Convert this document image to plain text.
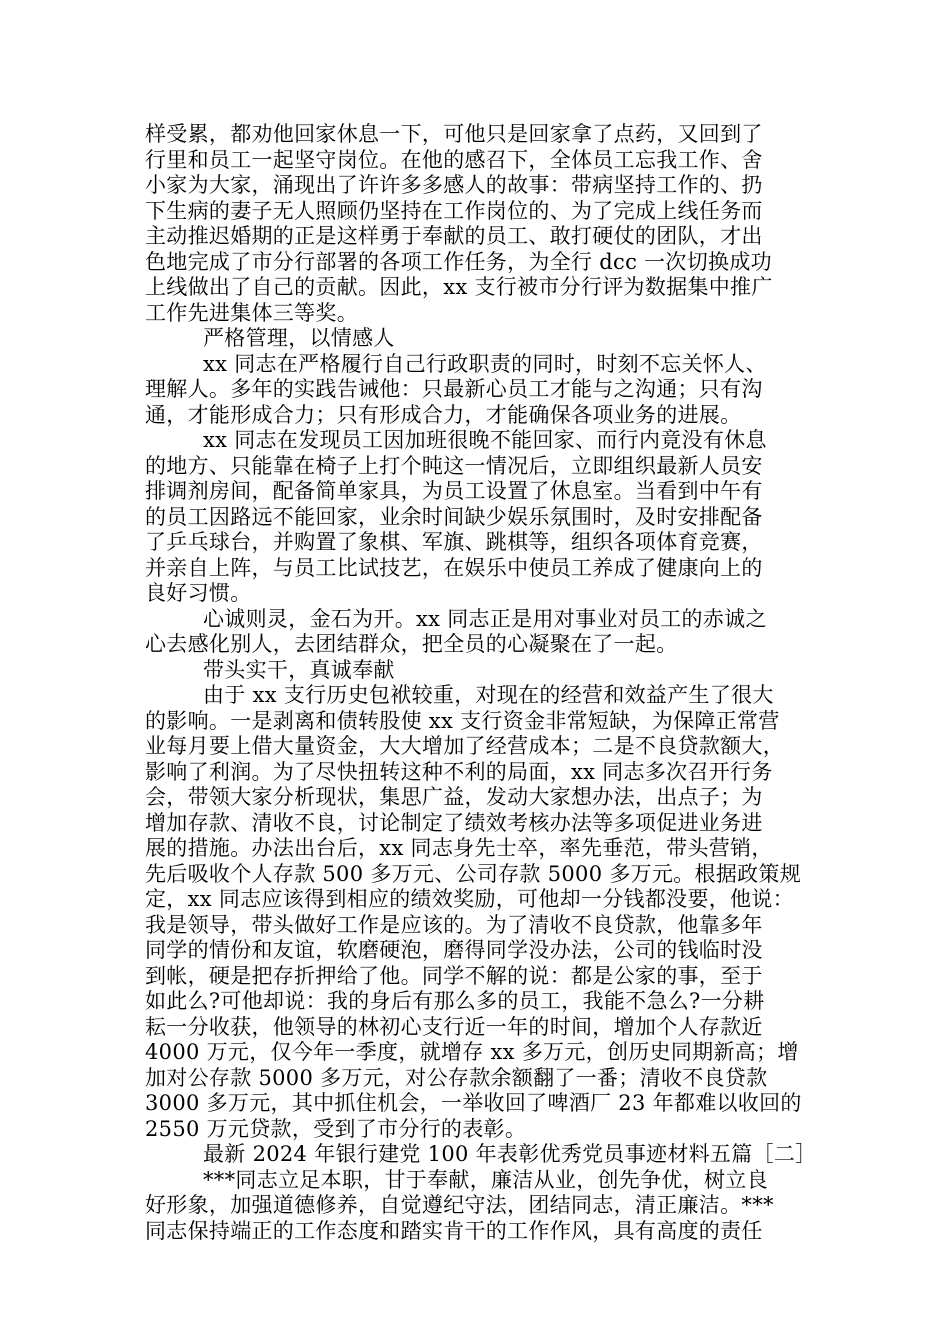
样受累，都劝他回家休息一下，可他只是回家拿了点药，又回到了
行里和员工一起坚守岗位。在他的感召下，全体员工忘我工作、舍
小家为大家，涌现出了许许多多感人的故事：带病坚持工作的、扔
下生病的妻子无人照顾仍坚持在工作岗位的、为了完成上线任务而
主动推迟婚期的正是这样勇于奉献的员工、敢打硬仗的团队，才出
色地完成了市分行部署的各项工作任务，为全行 dcc 一次切换成功
上线做出了自己的贡献。因此，xx 支行被市分行评为数据集中推广
工作先进集体三等奖。
严格管理，以情感人
xx 同志在严格履行自己行政职责的同时，时刻不忘关怀人、
理解人。多年的实践告诫他：只最新心员工才能与之沟通；只有沟
通，才能形成合力；只有形成合力，才能确保各项业务的进展。
xx 同志在发现员工因加班很晚不能回家、而行内竟没有休息
的地方、只能靠在椅子上打个盹这一情况后，立即组织最新人员安
排调剂房间，配备简单家具，为员工设置了休息室。当看到中午有
的员工因路远不能回家，业余时间缺少娱乐氛围时，及时安排配备
了乒乓球台，并购置了象棋、军旗、跳棋等，组织各项体育竞赛，
并亲自上阵，与员工比试技艺，在娱乐中使员工养成了健康向上的
良好习惯。
心诚则灵，金石为开。xx 同志正是用对事业对员工的赤诚之
心去感化别人，去团结群众，把全员的心凝聚在了一起。
带头实干，真诚奉献
由于 xx 支行历史包袱较重，对现在的经营和效益产生了很大
的影响。一是剥离和债转股使 xx 支行资金非常短缺，为保障正常营
业每月要上借大量资金，大大增加了经营成本；二是不良贷款额大，
影响了利润。为了尽快扭转这种不利的局面，xx 同志多次召开行务
会，带领大家分析现状，集思广益，发动大家想办法，出点子；为
增加存款、清收不良，讨论制定了绩效考核办法等多项促进业务进
展的措施。办法出台后，xx 同志身先士卒，率先垂范，带头营销，
先后吸收个人存款 500 多万元、公司存款 5000 多万元。根据政策规
定，xx 同志应该得到相应的绩效奖励，可他却一分钱都没要，他说：
我是领导，带头做好工作是应该的。为了清收不良贷款，他靠多年
同学的情份和友谊，软磨硬泡，磨得同学没办法，公司的钱临时没
到帐，硬是把存折押给了他。同学不解的说：都是公家的事，至于
如此么?可他却说：我的身后有那么多的员工，我能不急么?一分耕
耘一分收获，他领导的林初心支行近一年的时间，增加个人存款近
4000 万元，仅今年一季度，就增存 xx 多万元，创历史同期新高；增
加对公存款 5000 多万元，对公存款余额翻了一番；清收不良贷款
3000 多万元，其中抓住机会，一举收回了啤酒厂 23 年都难以收回的
2550 万元贷款，受到了市分行的表彰。
最新 2024 年银行建党 100 年表彰优秀党员事迹材料五篇［二］
***同志立足本职，甘于奉献，廉洁从业，创先争优，树立良
好形象，加强道德修养，自觉遵纪守法，团结同志，清正廉洁。***
同志保持端正的工作态度和踏实肯干的工作作风，具有高度的责任
